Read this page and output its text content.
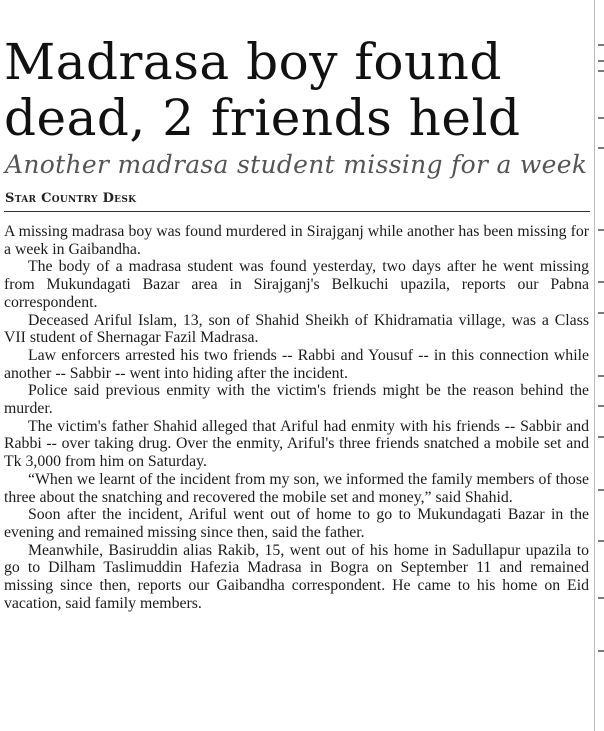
Madrasa boy found
dead, 2 friends held
Another madrasa student missing for a week
Star Country Desk

A missing madrasa boy was found murdered in Sirajganj while another has been missing for a week in Gaibandha.

The body of a madrasa student was found yesterday, two days after he went missing from Mukundagati Bazar area in Sirajganj's Belkuchi upazila, reports our Pabna correspondent.

Deceased Ariful Islam, 13, son of Shahid Sheikh of Khidramatia village, was a Class VII student of Shernagar Fazil Madrasa.

Law enforcers arrested his two friends -- Rabbi and Yousuf -- in this connection while another -- Sabbir -- went into hiding after the incident.

Police said previous enmity with the victim's friends might be the reason behind the murder.

The victim's father Shahid alleged that Ariful had enmity with his friends -- Sabbir and Rabbi -- over taking drug. Over the enmity, Ariful's three friends snatched a mobile set and Tk 3,000 from him on Saturday.

“When we learnt of the incident from my son, we informed the family members of those three about the snatching and recovered the mobile set and money,” said Shahid.

Soon after the incident, Ariful went out of home to go to Mukundagati Bazar in the evening and remained missing since then, said the father.

Meanwhile, Basiruddin alias Rakib, 15, went out of his home in Sadullapur upazila to go to Dilham Taslimuddin Hafezia Madrasa in Bogra on September 11 and remained missing since then, reports our Gaibandha correspondent. He came to his home on Eid vacation, said family members.
